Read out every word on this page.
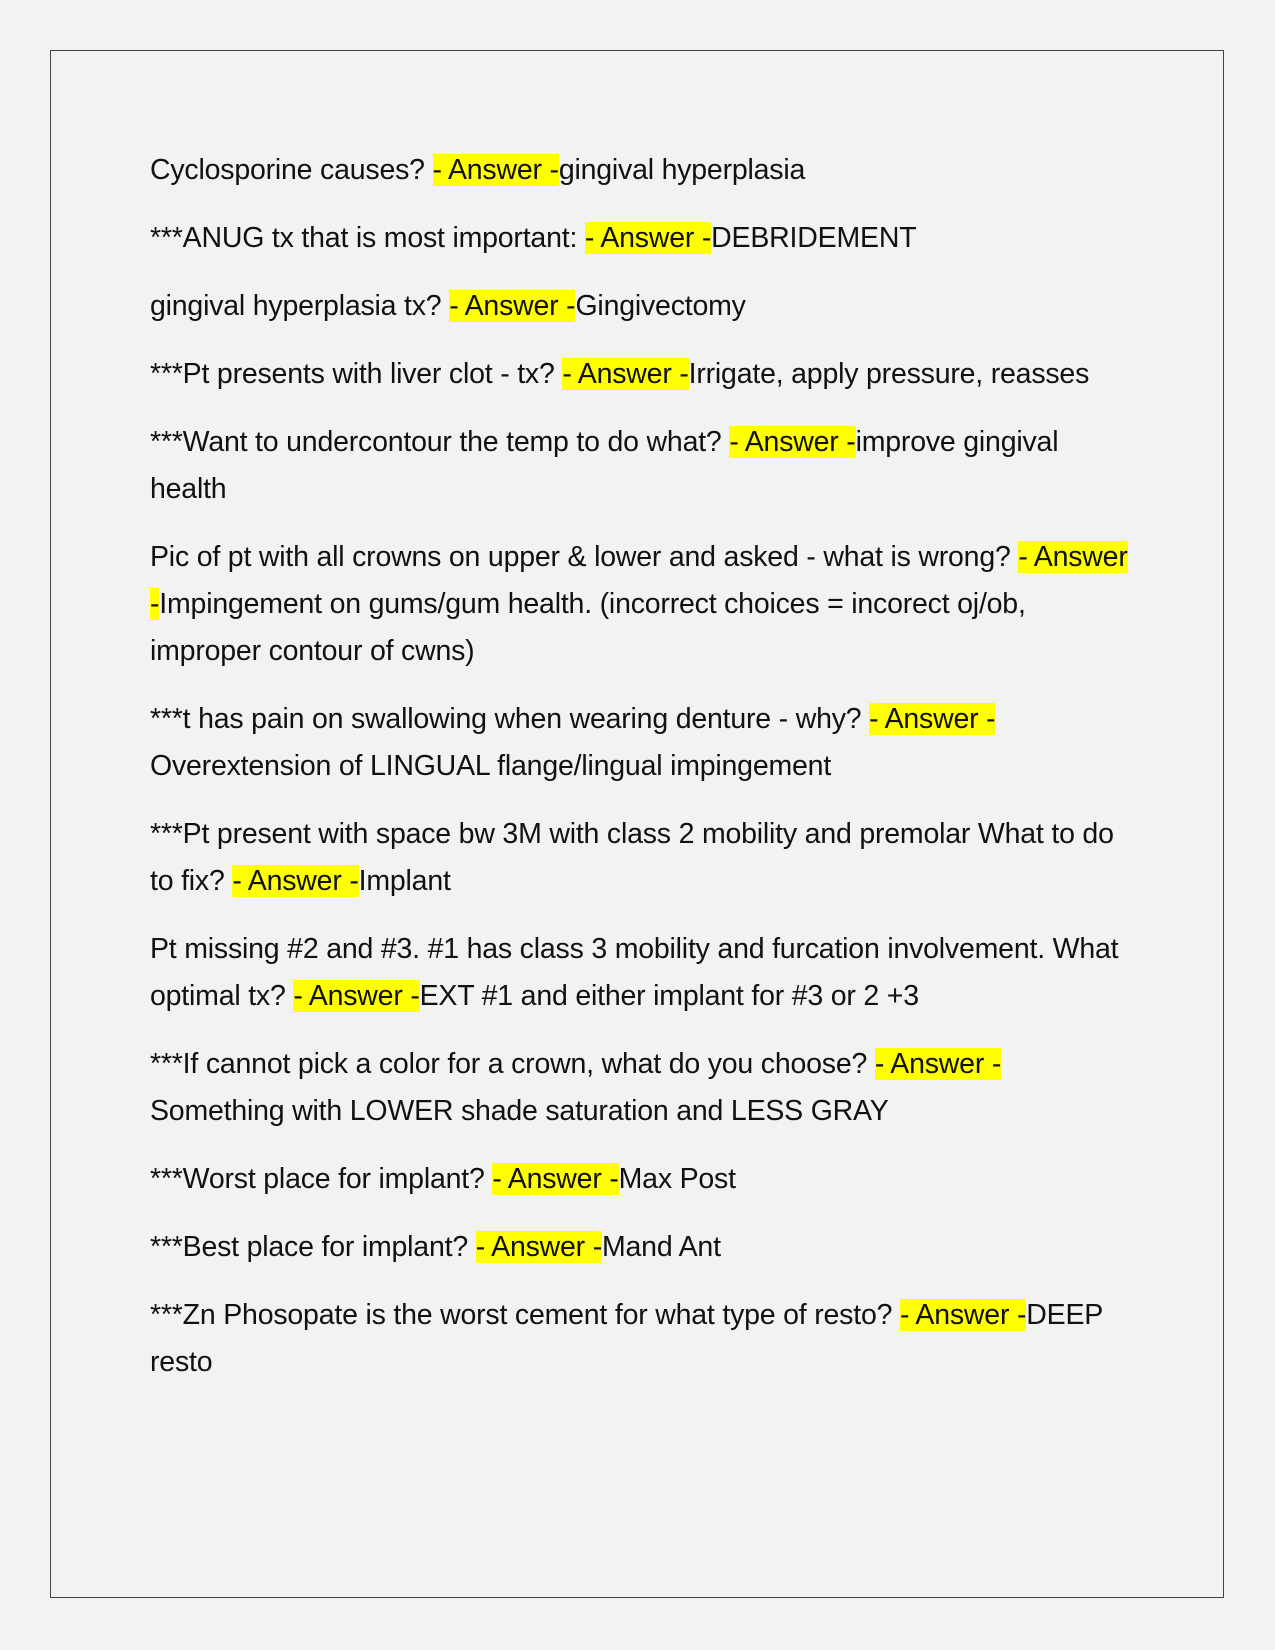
Cyclosporine causes? - Answer -gingival hyperplasia

***ANUG tx that is most important: - Answer -DEBRIDEMENT

gingival hyperplasia tx? - Answer -Gingivectomy

***Pt presents with liver clot - tx? - Answer -Irrigate, apply pressure, reasses

***Want to undercontour the temp to do what? - Answer -improve gingival health

Pic of pt with all crowns on upper & lower and asked - what is wrong? - Answer -Impingement on gums/gum health. (incorrect choices = incorect oj/ob, improper contour of cwns)

***t has pain on swallowing when wearing denture - why? - Answer -Overextension of LINGUAL flange/lingual impingement

***Pt present with space bw 3M with class 2 mobility and premolar What to do to fix? - Answer -Implant

Pt missing #2 and #3. #1 has class 3 mobility and furcation involvement. What optimal tx? - Answer -EXT #1 and either implant for #3 or 2 +3

***If cannot pick a color for a crown, what do you choose? - Answer -Something with LOWER shade saturation and LESS GRAY

***Worst place for implant? - Answer -Max Post

***Best place for implant? - Answer -Mand Ant

***Zn Phosopate is the worst cement for what type of resto? - Answer -DEEP resto
